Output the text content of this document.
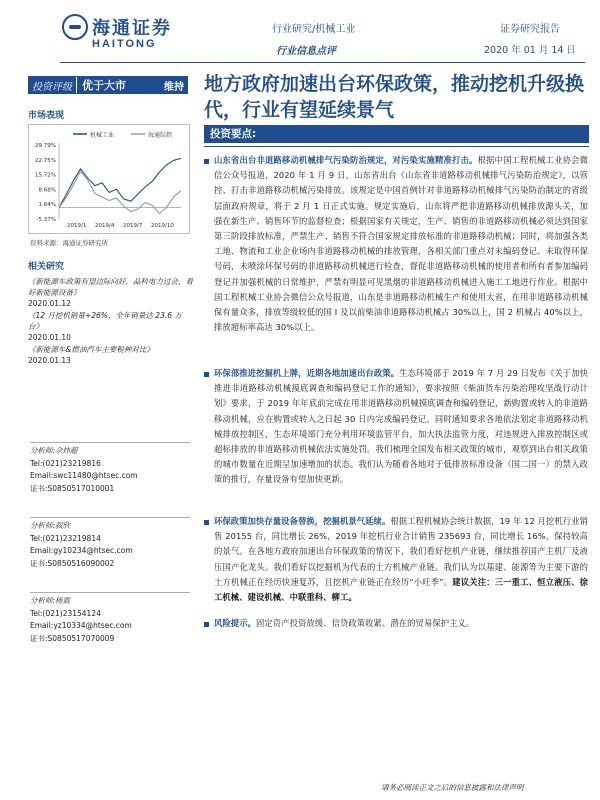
海通证券
HAITONG
行业研究/机械工业
行业信息点评
证券研究报告
2020 年 01 月 14 日
投资评级 优于大市	维持 地方政府加速出台环保政策，推动挖机升级换代，行业有望延续景气
市场表现
机械工业	海通综指
29.79%
22.75%
15.72%
8.68%
1.64%
-5.37%
2019/1 2019/4 2019/7 2019/10
资料来源：海通证券研究所
相关研究
《新能源车政策有望边际向好，晶科电力过会，看好新能源设备》
2020.01.12
《12 月挖机销量+26%，全年销量达 23.6 万台》
2020.01.10
《新能源车&燃油汽车主要税种对比》
2020.01.13
分析师:佘炜超
Tel:(021)23219816
Email:swc11480@htsec.com
证书:S0850517010001
分析师:叙欣
Tel:(021)23219814
Email:gy10234@htsec.com
证书:S0850516090002
分析师:杨震
Tel:(021)23154124
Email:yz10334@htsec.com
证书:S0850517070009
投资要点:
山东省出台非道路移动机械排气污染防治规定，对污染实施精准打击。根据中国工程机械工业协会微信公众号报道，2020 年 1 月 9 日，山东省出台《山东省非道路移动机械排气污染防治规定》，以管控、打击非道路移动机械污染排放。该规定是中国首例针对非道路移动机械排气污染防治制定的省级层面政府规章，将于 2 月 1 日正式实施。规定实施后，山东将严把非道路移动机械排放源头关，加强在新生产、销售环节的监督检查；根据国家有关规定，生产、销售的非道路移动机械必须达到国家第三阶段排放标准，严禁生产、销售不符合国家规定排放标准的非道路移动机械；同时，将加强各类工地、物流和工业企业场内非道路移动机械的排放管理，各相关部门重点对未编码登记、未取得环保号码，未喷涂环保号码的非道路移动机械进行检查，督促非道路移动机械的使用者和所有者参加编码登记并加强机械的日常维护，严禁有明显可见黑烟的非道路移动机械进入施工工地进行作业。根据中国工程机械工业协会微信公众号报道，山东是非道路移动机械生产和使用大省，在用非道路移动机械保有量众多，排放等级较低的国 I 及以前柴油非道路移动机械占 30%以上，国 2 机械占 40%以上，排放超标率高达 30%以上。
环保部推进挖掘机上牌，近期各地加速出台政策。生态环境部于 2019 年 7 月 29 日发布《关于加快推进非道路移动机械摸底调查和编码登记工作的通知》，要求按照《柴油货车污染治理攻坚战行动计划》要求，于 2019 年年底前完成在用非道路移动机械摸底调查和编码登记，新购置或转入的非道路移动机械，应在购置或转入之日起 30 日内完成编码登记。同时通知要求各地依法划定非道路移动机械排放控制区，生态环境部门充分利用环境监管平台，加大执法监管力度，对违规进入排放控制区或超标排放的非道路移动机械依法实施处罚。我们梳理全国发布相关政策的城市，观察到出台相关政策的城市数量在近期呈加速增加的状态。我们认为随着各地对于低排放标准设备（国二国一）的禁入政策的推行，存量设备有望加快更新。
环保政策加快存量设备替换，挖掘机景气延续。根据工程机械协会统计数据，19 年 12 月挖机行业销售 20155 台，同比增长 26%，2019 年挖机行业合计销售 235693 台，同比增长 16%，保持较高的景气。在各地方政府加速出台环保政策的情况下，我们看好挖机产业链，继续推荐国产主机厂及液压国产化龙头。我们看好以挖掘机为代表的土方机械产业链。我们认为以基建、能源等为主要下游的土方机械正在经历快速复苏，且挖机产业链正在经历“小旺季”。建议关注：三一重工、恒立液压、徐工机械、建设机械、中联重科、柳工。
风险提示。固定资产投资放缓、信贷政策收紧、潜在的贸易保护主义。
请务必阅读正文之后的信息披露和法律声明
